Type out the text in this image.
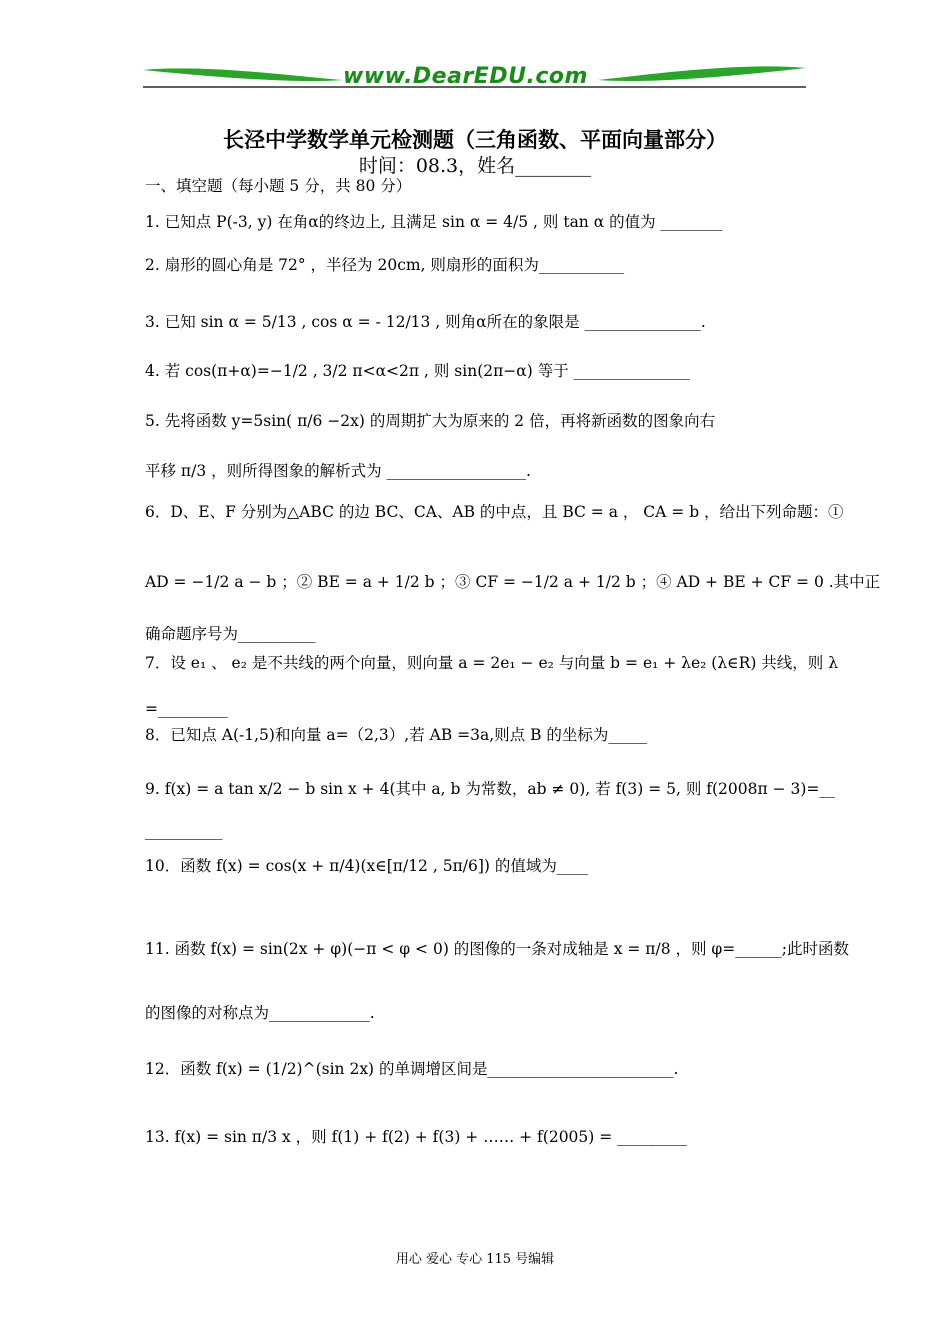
www.DearEDU.com
长泾中学数学单元检测题（三角函数、平面向量部分）
时间：08.3，姓名________
一、填空题（每小题 5 分，共 80 分）
1. 已知点 P(-3, y) 在角α的终边上, 且满足 sin α = 4/5 , 则 tan α 的值为 ________
2. 扇形的圆心角是 72° ，半径为 20cm, 则扇形的面积为___________
3. 已知 sin α = 5/13 , cos α = - 12/13 , 则角α所在的象限是 _______________.
4. 若 cos(π+α)=−1/2 , 3/2 π<α<2π , 则 sin(2π−α) 等于 _______________
5. 先将函数 y=5sin( π/6 −2x) 的周期扩大为原来的 2 倍，再将新函数的图象向右
平移 π/3 ，则所得图象的解析式为 __________________.
6．D、E、F 分别为△ABC 的边 BC、CA、AB 的中点，且 BC = a ， CA = b ，给出下列命题：①
AD = −1/2 a − b ；② BE = a + 1/2 b ；③ CF = −1/2 a + 1/2 b ；④ AD + BE + CF = 0 .其中正
确命题序号为__________
7．设 e₁ 、 e₂ 是不共线的两个向量，则向量 a = 2e₁ − e₂ 与向量 b = e₁ + λe₂ (λ∈R) 共线，则 λ
=_________
8．已知点 A(-1,5)和向量 a=（2,3）,若 AB =3a,则点 B 的坐标为_____
9. f(x) = a tan x/2 − b sin x + 4(其中 a, b 为常数，ab ≠ 0), 若 f(3) = 5, 则 f(2008π − 3)=__
__________
10．函数 f(x) = cos(x + π/4)(x∈[π/12 , 5π/6]) 的值域为____
11. 函数 f(x) = sin(2x + φ)(−π < φ < 0) 的图像的一条对成轴是 x = π/8 ，则 φ=______;此时函数
的图像的对称点为_____________.
12．函数 f(x) = (1/2)^(sin 2x) 的单调增区间是________________________.
13. f(x) = sin π/3 x ，则 f(1) + f(2) + f(3) + …… + f(2005) = _________
用心 爱心 专心 115 号编辑
